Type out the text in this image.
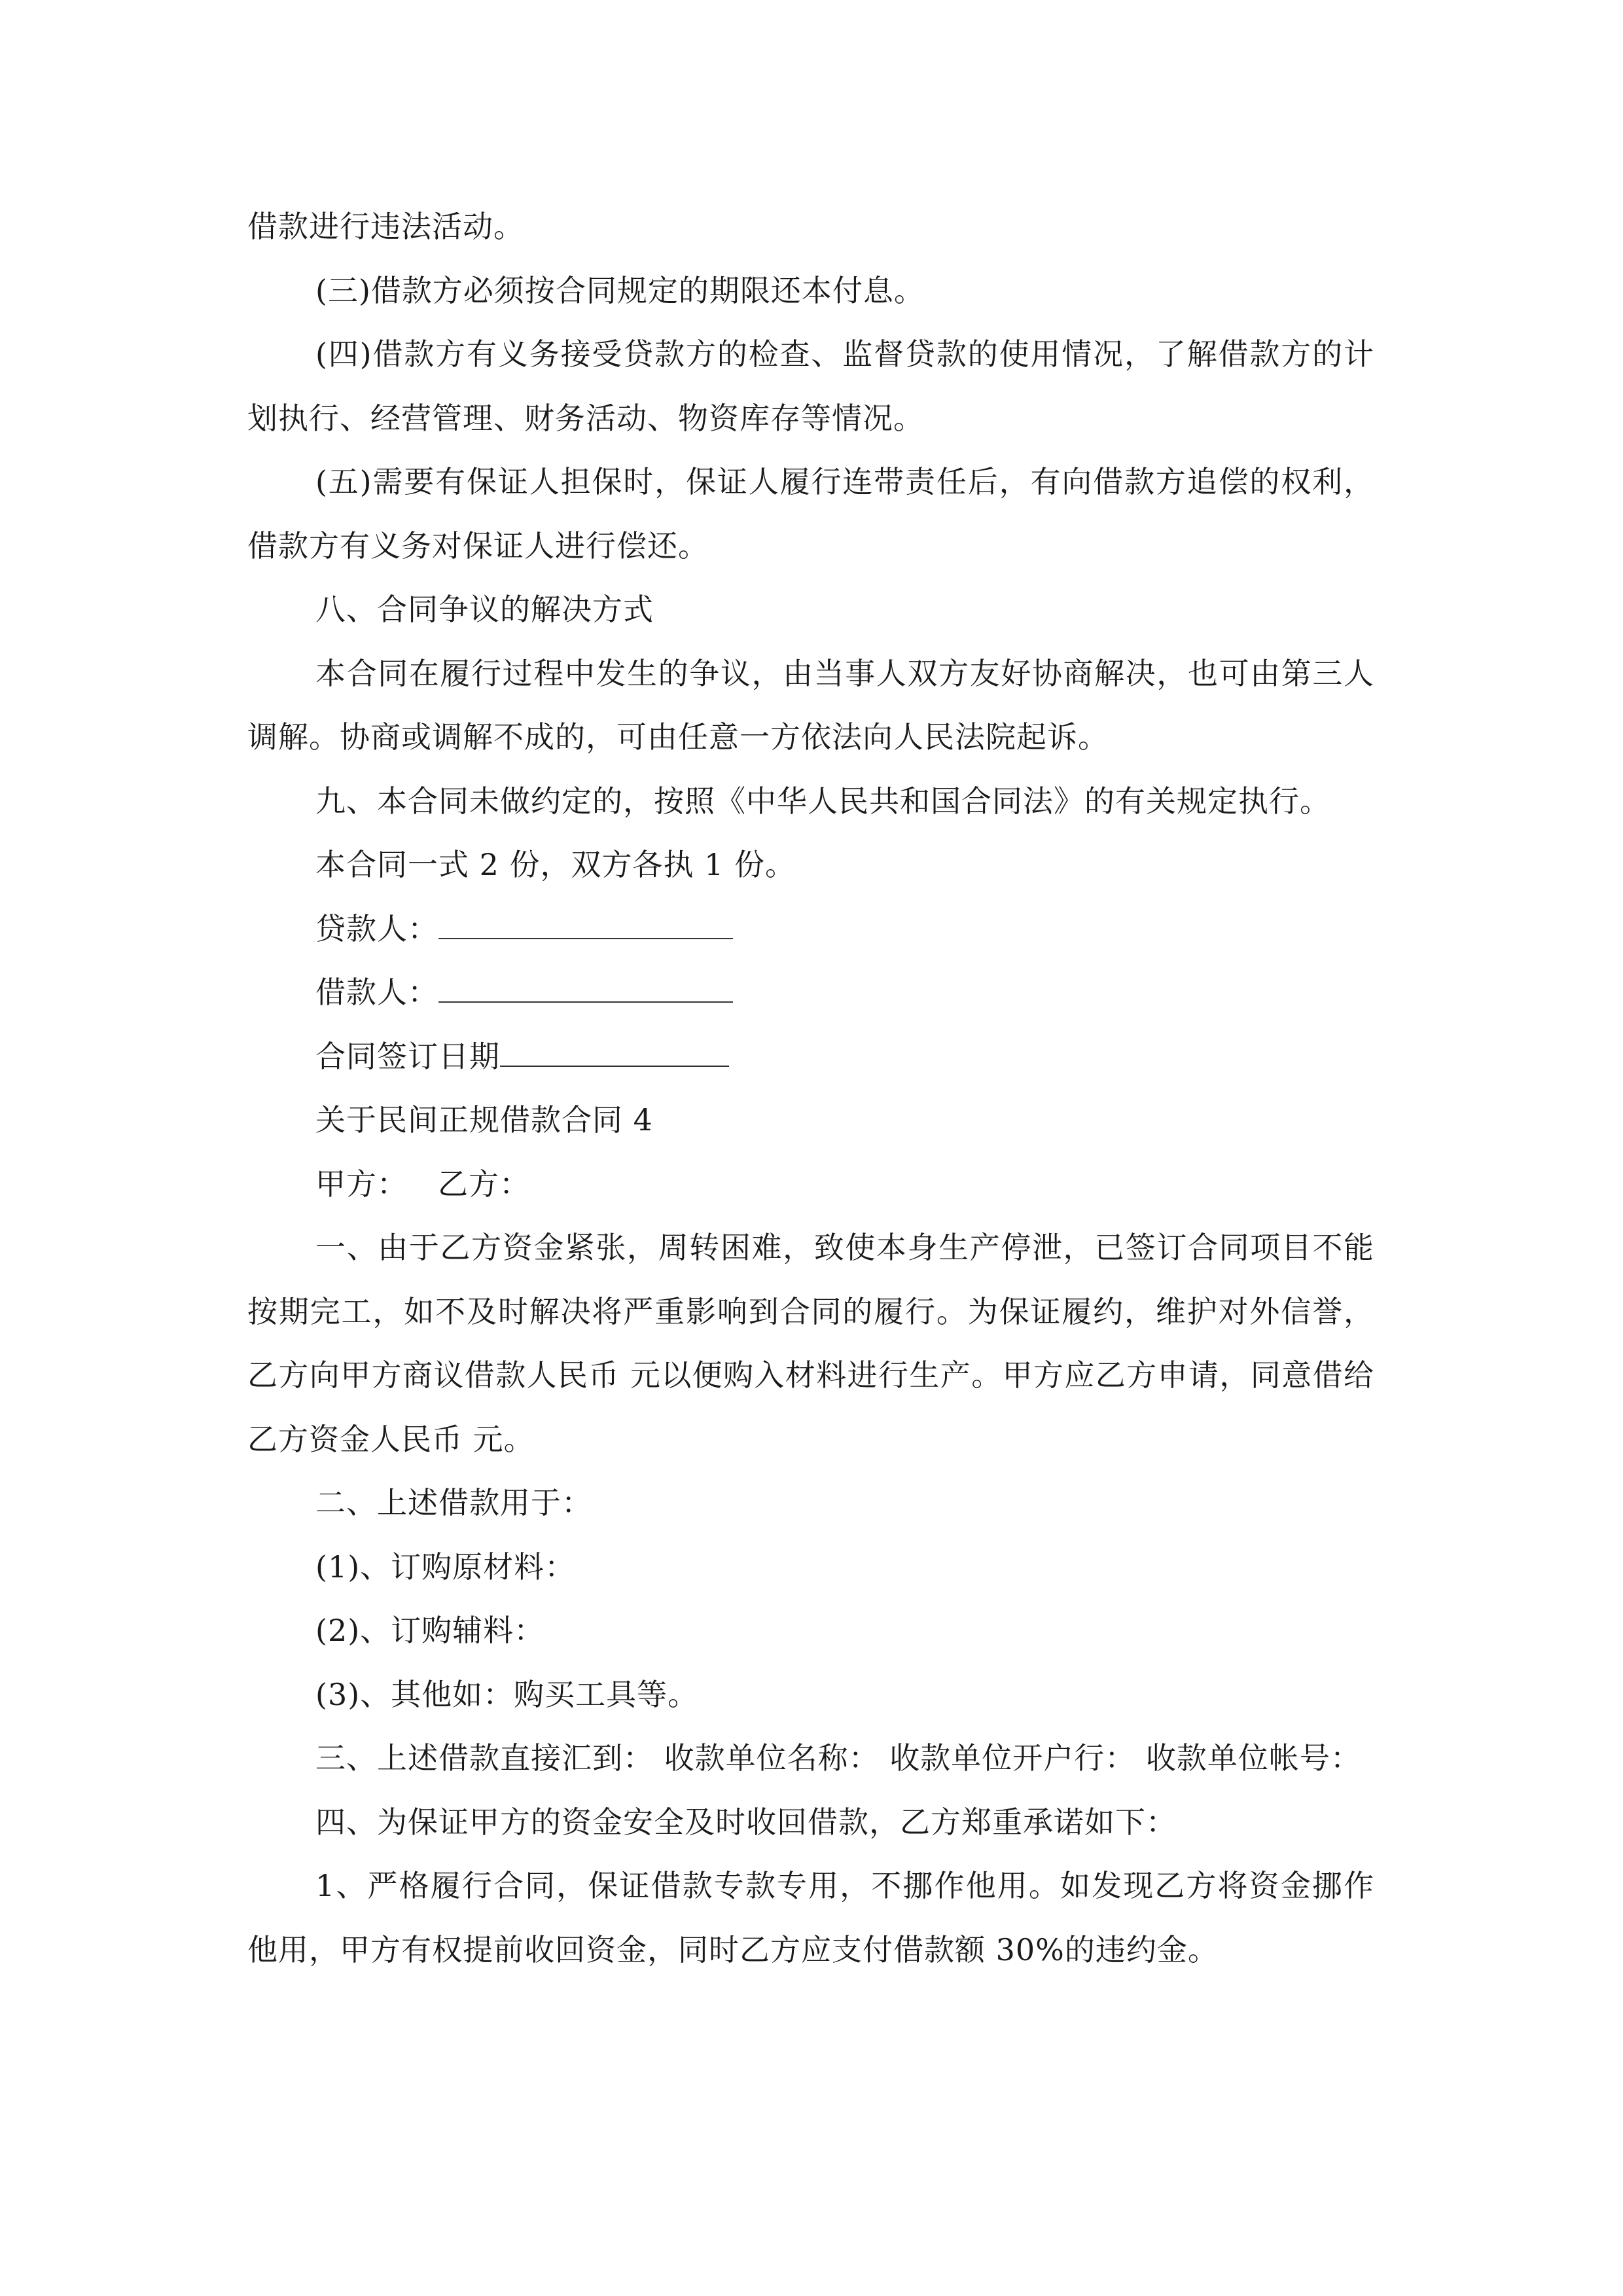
借款进行违法活动。

(三)借款方必须按合同规定的期限还本付息。

(四)借款方有义务接受贷款方的检查、监督贷款的使用情况，了解借款方的计划执行、经营管理、财务活动、物资库存等情况。

(五)需要有保证人担保时，保证人履行连带责任后，有向借款方追偿的权利，借款方有义务对保证人进行偿还。

八、合同争议的解决方式

本合同在履行过程中发生的争议，由当事人双方友好协商解决，也可由第三人调解。协商或调解不成的，可由任意一方依法向人民法院起诉。

九、本合同未做约定的，按照《中华人民共和国合同法》的有关规定执行。

本合同一式 2 份，双方各执 1 份。

贷款人：

借款人：

合同签订日期

关于民间正规借款合同 4

甲方： 乙方：

一、由于乙方资金紧张，周转困难，致使本身生产停泄，已签订合同项目不能按期完工，如不及时解决将严重影响到合同的履行。为保证履约，维护对外信誉，乙方向甲方商议借款人民币 元以便购入材料进行生产。甲方应乙方申请，同意借给乙方资金人民币 元。

二、上述借款用于：

(1)、订购原材料：

(2)、订购辅料：

(3)、其他如：购买工具等。

三、上述借款直接汇到： 收款单位名称： 收款单位开户行： 收款单位帐号：

四、为保证甲方的资金安全及时收回借款，乙方郑重承诺如下：

1、严格履行合同，保证借款专款专用，不挪作他用。如发现乙方将资金挪作他用，甲方有权提前收回资金，同时乙方应支付借款额 30%的违约金。
